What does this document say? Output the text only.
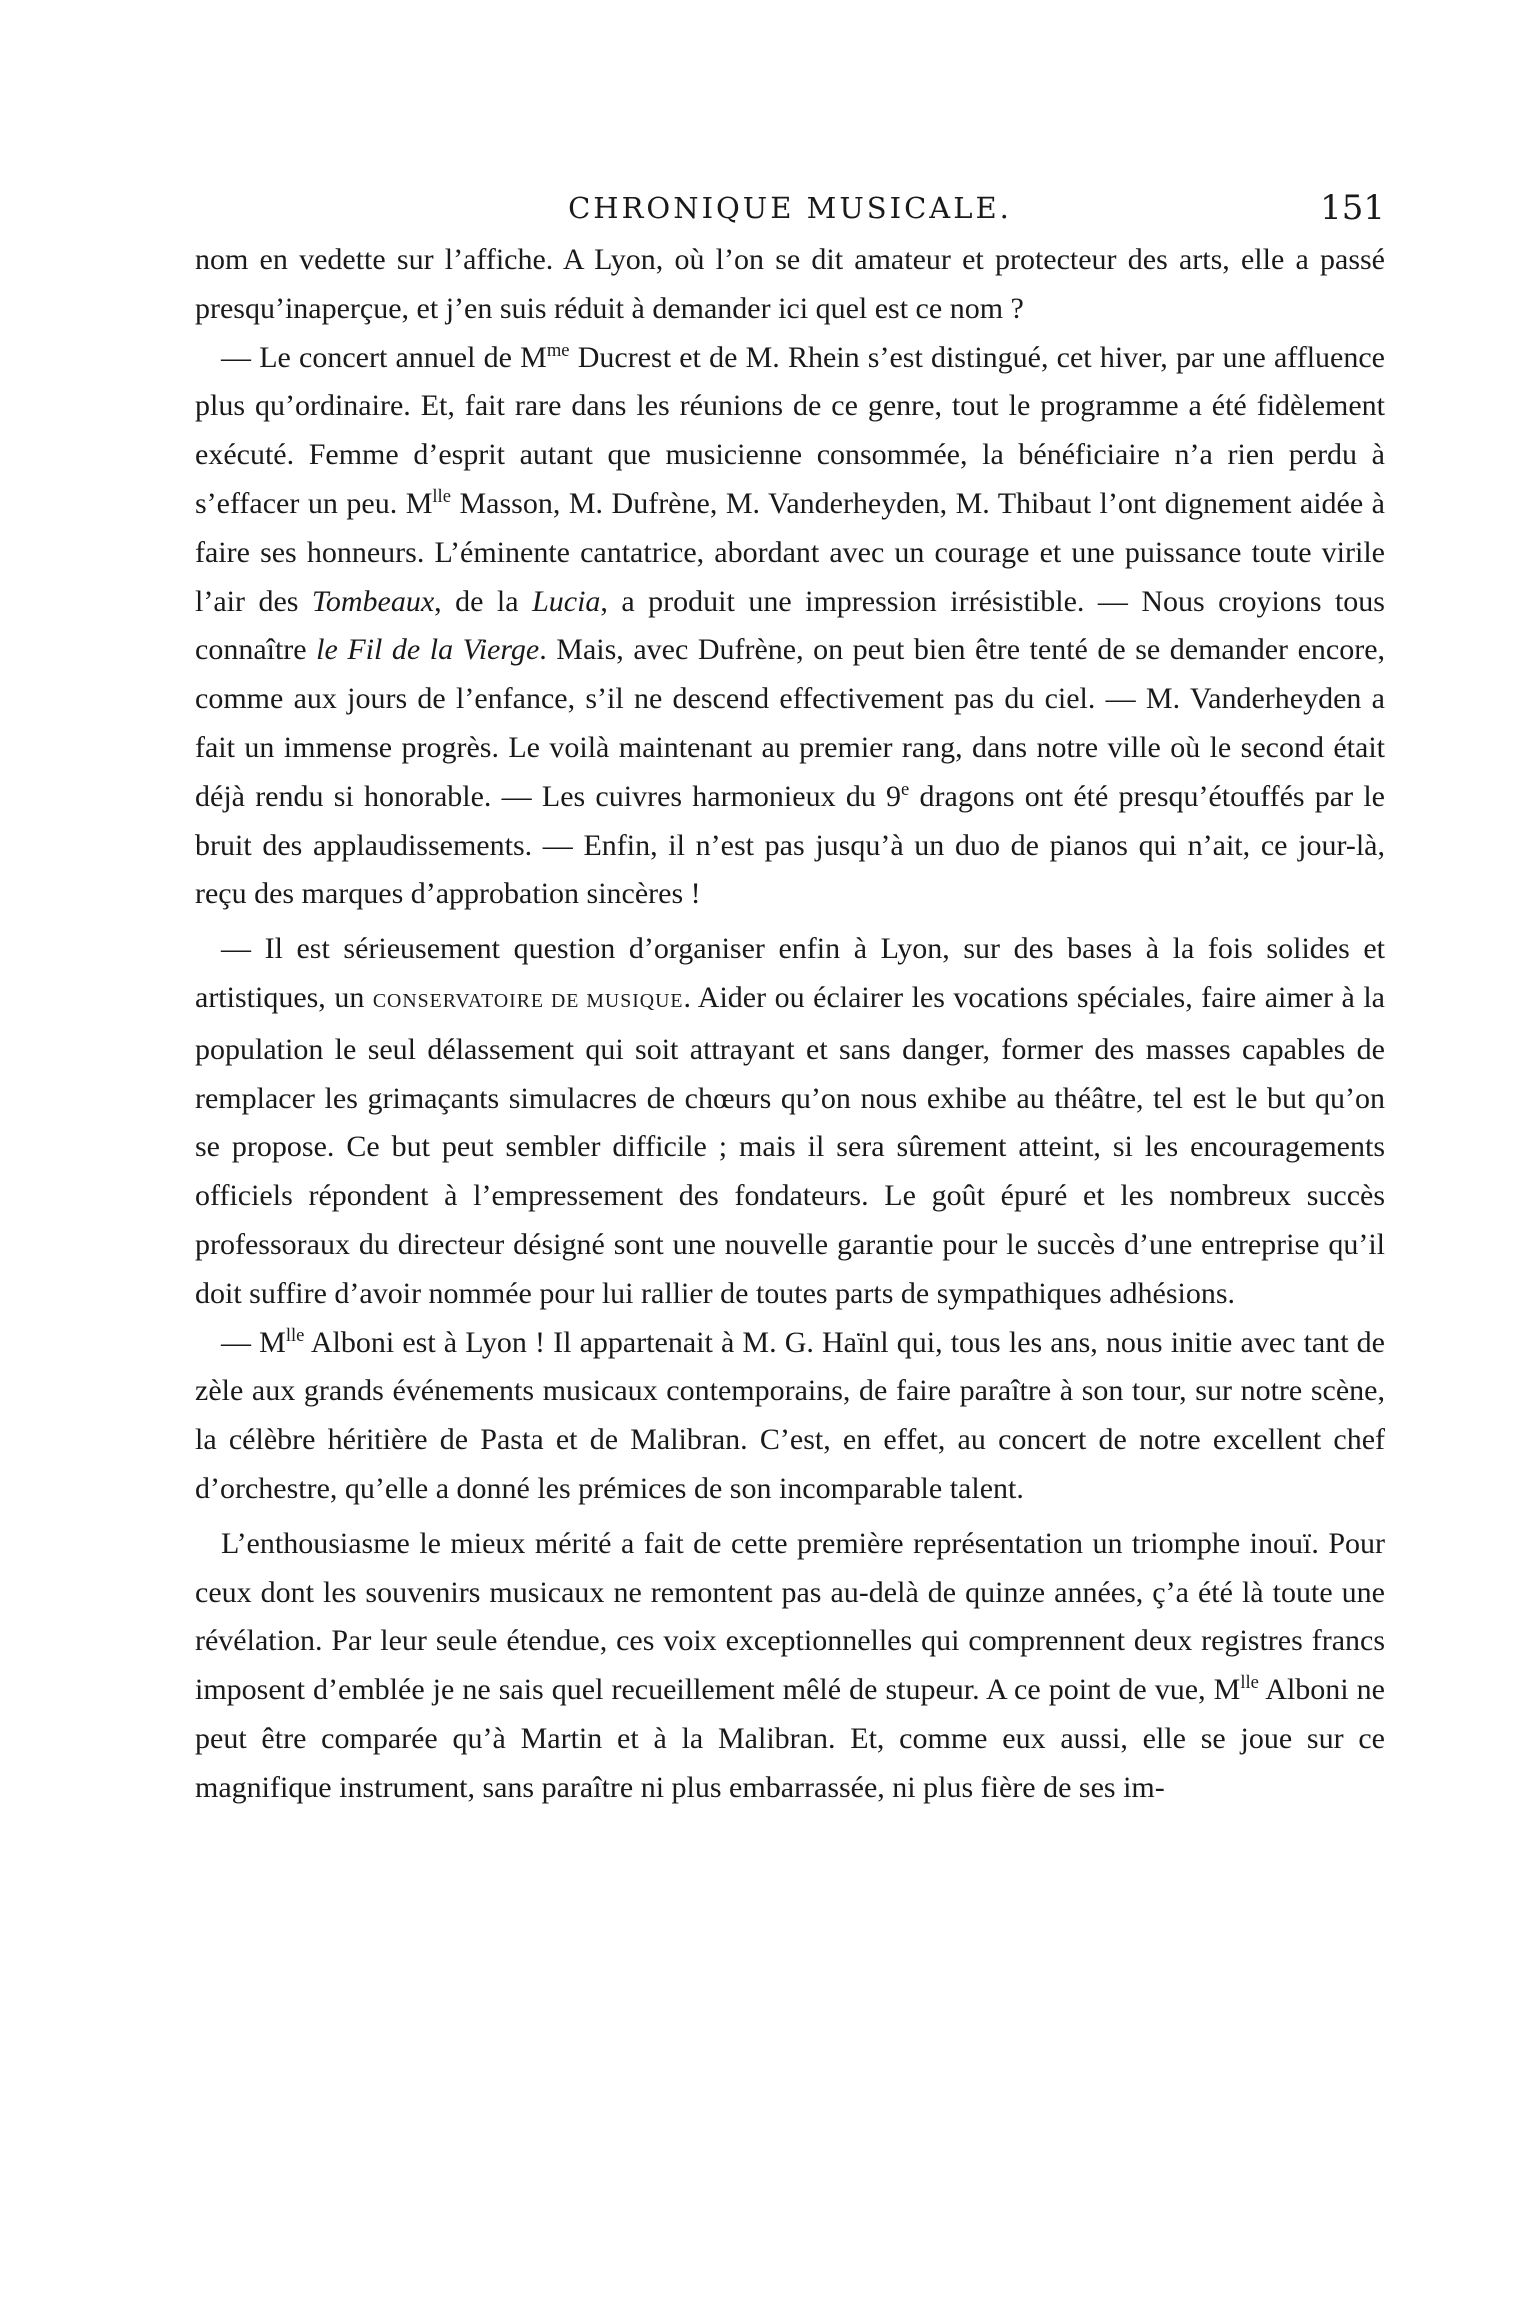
CHRONIQUE MUSICALE.	151

nom en vedette sur l’affiche. A Lyon, où l’on se dit amateur et protecteur des arts, elle a passé presqu’inaperçue, et j’en suis réduit à demander ici quel est ce nom ?

— Le concert annuel de $M^{me}$ Ducrest et de M. Rhein s’est distingué, cet hiver, par une affluence plus qu’ordinaire. Et, fait rare dans les réunions de ce genre, tout le programme a été fidèlement exécuté. Femme d’esprit autant que musicienne consommée, la bénéficiaire n’a rien perdu à s’effacer un peu. $M^{lle}$ Masson, M. Dufrène, M. Vanderheyden, M. Thibaut l’ont dignement aidée à faire ses honneurs. L’éminente cantatrice, abordant avec un courage et une puissance toute virile l’air des Tombeaux, de la Lucia, a produit une impression irrésistible. — Nous croyions tous connaître le Fil de la Vierge. Mais, avec Dufrène, on peut bien être tenté de se demander encore, comme aux jours de l’enfance, s’il ne descend effectivement pas du ciel. — M. Vanderheyden a fait un immense progrès. Le voilà maintenant au premier rang, dans notre ville où le second était déjà rendu si honorable. — Les cuivres harmonieux du 9e dragons ont été presqu’étouffés par le bruit des applaudissements. — Enfin, il n’est pas jusqu’à un duo de pianos qui n’ait, ce jour-là, reçu des marques d’approbation sincères !

— Il est sérieusement question d’organiser enfin à Lyon, sur des bases à la fois solides et artistiques, un CONSERVATOIRE DE MUSIQUE. Aider ou éclairer les vocations spéciales, faire aimer à la population le seul délassement qui soit attrayant et sans danger, former des masses capables de remplacer les grimaçants simulacres de chœurs qu’on nous exhibe au théâtre, tel est le but qu’on se propose. Ce but peut sembler difficile ; mais il sera sûrement atteint, si les encouragements officiels répondent à l’empressement des fondateurs. Le goût épuré et les nombreux succès professoraux du directeur désigné sont une nouvelle garantie pour le succès d’une entreprise qu’il doit suffire d’avoir nommée pour lui rallier de toutes parts de sympathiques adhésions.

— $M^{lle}$ Alboni est à Lyon ! Il appartenait à M. G. Haïnl qui, tous les ans, nous initie avec tant de zèle aux grands événements musicaux contemporains, de faire paraître à son tour, sur notre scène, la célèbre héritière de Pasta et de Malibran. C’est, en effet, au concert de notre excellent chef d’orchestre, qu’elle a donné les prémices de son incomparable talent.

L’enthousiasme le mieux mérité a fait de cette première représentation un triomphe inouï. Pour ceux dont les souvenirs musicaux ne remontent pas au-delà de quinze années, ç’a été là toute une révélation. Par leur seule étendue, ces voix exceptionnelles qui comprennent deux registres francs imposent d’emblée je ne sais quel recueillement mêlé de stupeur. A ce point de vue, $M^{lle}$ Alboni ne peut être comparée qu’à Martin et à la Malibran. Et, comme eux aussi, elle se joue sur ce magnifique instrument, sans paraître ni plus embarrassée, ni plus fière de ses im-
